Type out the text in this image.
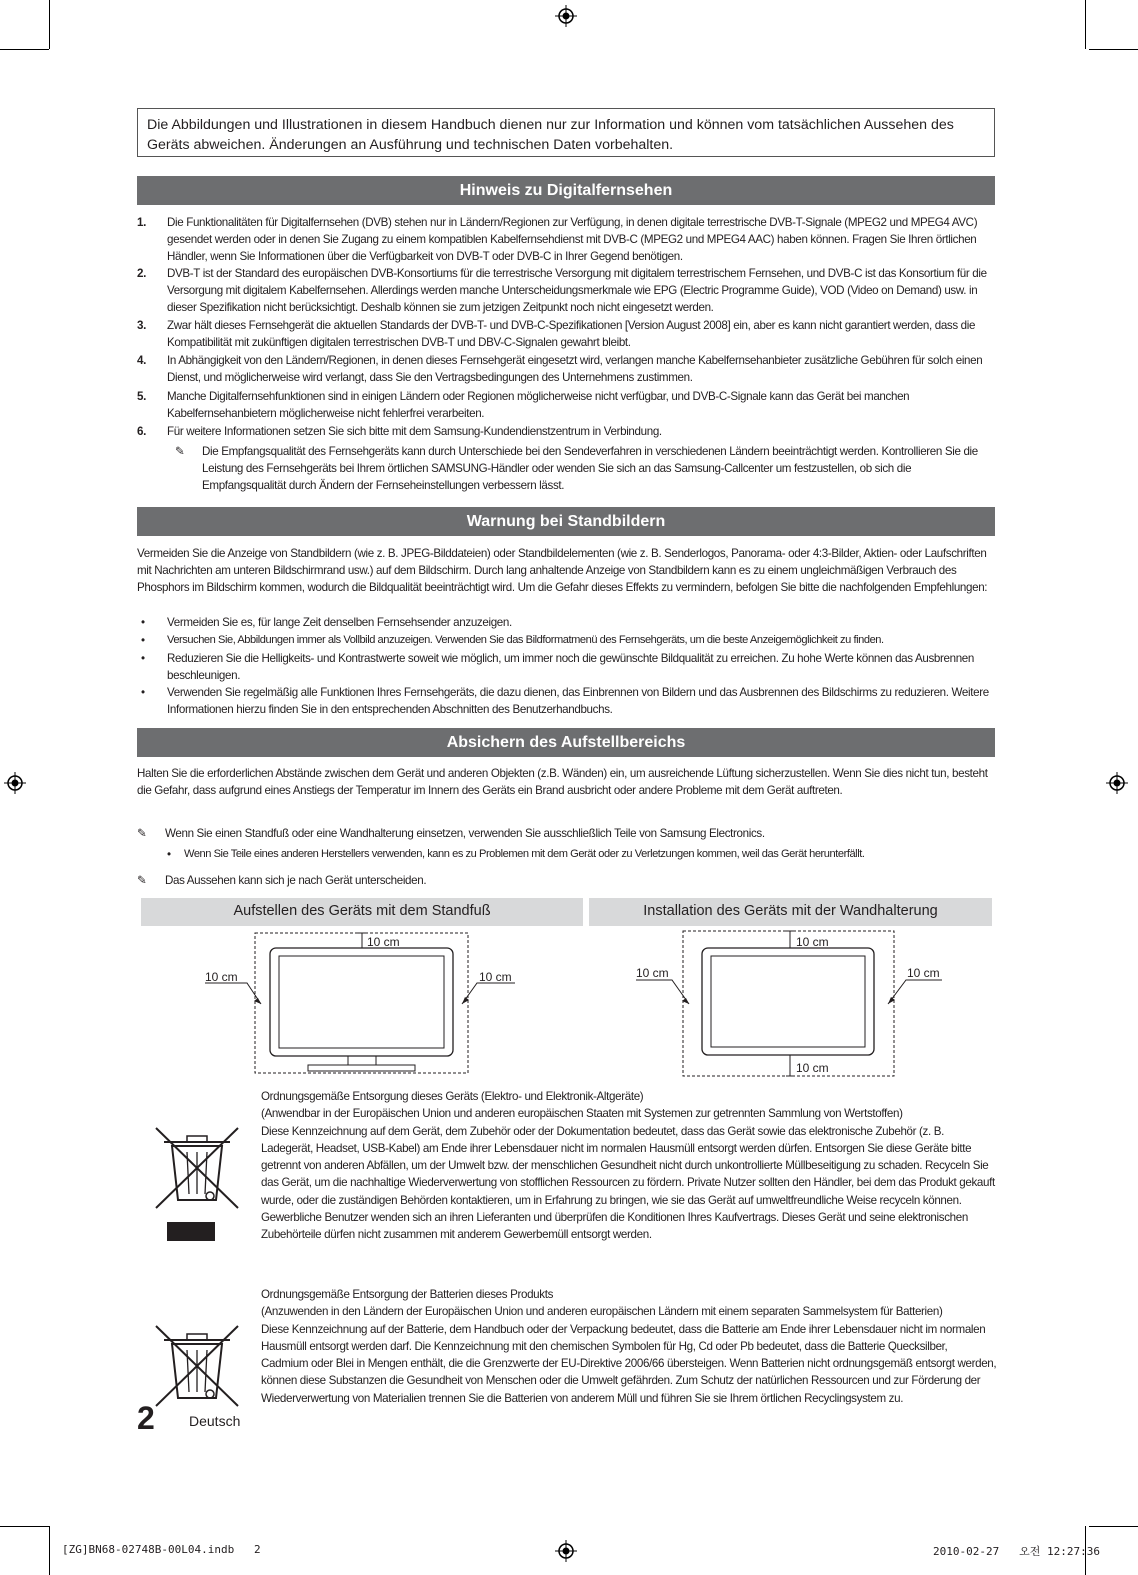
Die Abbildungen und Illustrationen in diesem Handbuch dienen nur zur Information und können vom tatsächlichen Aussehen des Geräts abweichen. Änderungen an Ausführung und technischen Daten vorbehalten.
Hinweis zu Digitalfernsehen
1. Die Funktionalitäten für Digitalfernsehen (DVB) stehen nur in Ländern/Regionen zur Verfügung, in denen digitale terrestrische DVB-T-Signale (MPEG2 und MPEG4 AVC) gesendet werden oder in denen Sie Zugang zu einem kompatiblen Kabelfernsehdienst mit DVB-C (MPEG2 und MPEG4 AAC) haben können. Fragen Sie Ihren örtlichen Händler, wenn Sie Informationen über die Verfügbarkeit von DVB-T oder DVB-C in Ihrer Gegend benötigen.
2. DVB-T ist der Standard des europäischen DVB-Konsortiums für die terrestrische Versorgung mit digitalem terrestrischem Fernsehen, und DVB-C ist das Konsortium für die Versorgung mit digitalem Kabelfernsehen. Allerdings werden manche Unterscheidungsmerkmale wie EPG (Electric Programme Guide), VOD (Video on Demand) usw. in dieser Spezifikation nicht berücksichtigt. Deshalb können sie zum jetzigen Zeitpunkt noch nicht eingesetzt werden.
3. Zwar hält dieses Fernsehgerät die aktuellen Standards der DVB-T- und DVB-C-Spezifikationen [Version August 2008] ein, aber es kann nicht garantiert werden, dass die Kompatibilität mit zukünftigen digitalen terrestrischen DVB-T und DBV-C-Signalen gewahrt bleibt.
4. In Abhängigkeit von den Ländern/Regionen, in denen dieses Fernsehgerät eingesetzt wird, verlangen manche Kabelfernsehanbieter zusätzliche Gebühren für solch einen Dienst, und möglicherweise wird verlangt, dass Sie den Vertragsbedingungen des Unternehmens zustimmen.
5. Manche Digitalfernsehfunktionen sind in einigen Ländern oder Regionen möglicherweise nicht verfügbar, und DVB-C-Signale kann das Gerät bei manchen Kabelfernsehanbietern möglicherweise nicht fehlerfrei verarbeiten.
6. Für weitere Informationen setzen Sie sich bitte mit dem Samsung-Kundendienstzentrum in Verbindung.
✎ Die Empfangsqualität des Fernsehgeräts kann durch Unterschiede bei den Sendeverfahren in verschiedenen Ländern beeinträchtigt werden. Kontrollieren Sie die Leistung des Fernsehgeräts bei Ihrem örtlichen SAMSUNG-Händler oder wenden Sie sich an das Samsung-Callcenter um festzustellen, ob sich die Empfangsqualität durch Ändern der Fernseheinstellungen verbessern lässt.
Warnung bei Standbildern
Vermeiden Sie die Anzeige von Standbildern (wie z. B. JPEG-Bilddateien) oder Standbildelementen (wie z. B. Senderlogos, Panorama- oder 4:3-Bilder, Aktien- oder Laufschriften mit Nachrichten am unteren Bildschirmrand usw.) auf dem Bildschirm. Durch lang anhaltende Anzeige von Standbildern kann es zu einem ungleichmäßigen Verbrauch des Phosphors im Bildschirm kommen, wodurch die Bildqualität beeinträchtigt wird. Um die Gefahr dieses Effekts zu vermindern, befolgen Sie bitte die nachfolgenden Empfehlungen:
• Vermeiden Sie es, für lange Zeit denselben Fernsehsender anzuzeigen.
• Versuchen Sie, Abbildungen immer als Vollbild anzuzeigen. Verwenden Sie das Bildformatmenü des Fernsehgeräts, um die beste Anzeigemöglichkeit zu finden.
• Reduzieren Sie die Helligkeits- und Kontrastwerte soweit wie möglich, um immer noch die gewünschte Bildqualität zu erreichen. Zu hohe Werte können das Ausbrennen beschleunigen.
• Verwenden Sie regelmäßig alle Funktionen Ihres Fernsehgeräts, die dazu dienen, das Einbrennen von Bildern und das Ausbrennen des Bildschirms zu reduzieren. Weitere Informationen hierzu finden Sie in den entsprechenden Abschnitten des Benutzerhandbuchs.
Absichern des Aufstellbereichs
Halten Sie die erforderlichen Abstände zwischen dem Gerät und anderen Objekten (z.B. Wänden) ein, um ausreichende Lüftung sicherzustellen. Wenn Sie dies nicht tun, besteht die Gefahr, dass aufgrund eines Anstiegs der Temperatur im Innern des Geräts ein Brand ausbricht oder andere Probleme mit dem Gerät auftreten.
✎ Wenn Sie einen Standfuß oder eine Wandhalterung einsetzen, verwenden Sie ausschließlich Teile von Samsung Electronics.
• Wenn Sie Teile eines anderen Herstellers verwenden, kann es zu Problemen mit dem Gerät oder zu Verletzungen kommen, weil das Gerät herunterfällt.
✎ Das Aussehen kann sich je nach Gerät unterscheiden.
Aufstellen des Geräts mit dem Standfuß	Installation des Geräts mit der Wandhalterung
10 cm
10 cm	10 cm
10 cm
10 cm
10 cm	10 cm
Ordnungsgemäße Entsorgung dieses Geräts (Elektro- und Elektronik-Altgeräte)
(Anwendbar in der Europäischen Union und anderen europäischen Staaten mit Systemen zur getrennten Sammlung von Wertstoffen)
Diese Kennzeichnung auf dem Gerät, dem Zubehör oder der Dokumentation bedeutet, dass das Gerät sowie das elektronische Zubehör (z. B. Ladegerät, Headset, USB-Kabel) am Ende ihrer Lebensdauer nicht im normalen Hausmüll entsorgt werden dürfen. Entsorgen Sie diese Geräte bitte getrennt von anderen Abfällen, um der Umwelt bzw. der menschlichen Gesundheit nicht durch unkontrollierte Müllbeseitigung zu schaden. Recyceln Sie das Gerät, um die nachhaltige Wiederverwertung von stofflichen Ressourcen zu fördern. Private Nutzer sollten den Händler, bei dem das Produkt gekauft wurde, oder die zuständigen Behörden kontaktieren, um in Erfahrung zu bringen, wie sie das Gerät auf umweltfreundliche Weise recyceln können. Gewerbliche Benutzer wenden sich an ihren Lieferanten und überprüfen die Konditionen Ihres Kaufvertrags. Dieses Gerät und seine elektronischen Zubehörteile dürfen nicht zusammen mit anderem Gewerbemüll entsorgt werden.
Ordnungsgemäße Entsorgung der Batterien dieses Produkts
(Anzuwenden in den Ländern der Europäischen Union und anderen europäischen Ländern mit einem separaten Sammelsystem für Batterien)
Diese Kennzeichnung auf der Batterie, dem Handbuch oder der Verpackung bedeutet, dass die Batterie am Ende ihrer Lebensdauer nicht im normalen Hausmüll entsorgt werden darf. Die Kennzeichnung mit den chemischen Symbolen für Hg, Cd oder Pb bedeutet, dass die Batterie Quecksilber, Cadmium oder Blei in Mengen enthält, die die Grenzwerte der EU-Direktive 2006/66 übersteigen. Wenn Batterien nicht ordnungsgemäß entsorgt werden, können diese Substanzen die Gesundheit von Menschen oder die Umwelt gefährden. Zum Schutz der natürlichen Ressourcen und zur Förderung der Wiederverwertung von Materialien trennen Sie die Batterien von anderem Müll und führen Sie sie Ihrem örtlichen Recyclingsystem zu.
2 Deutsch
[ZG]BN68-02748B-00L04.indb   2	2010-02-27   오전 12:27:36
